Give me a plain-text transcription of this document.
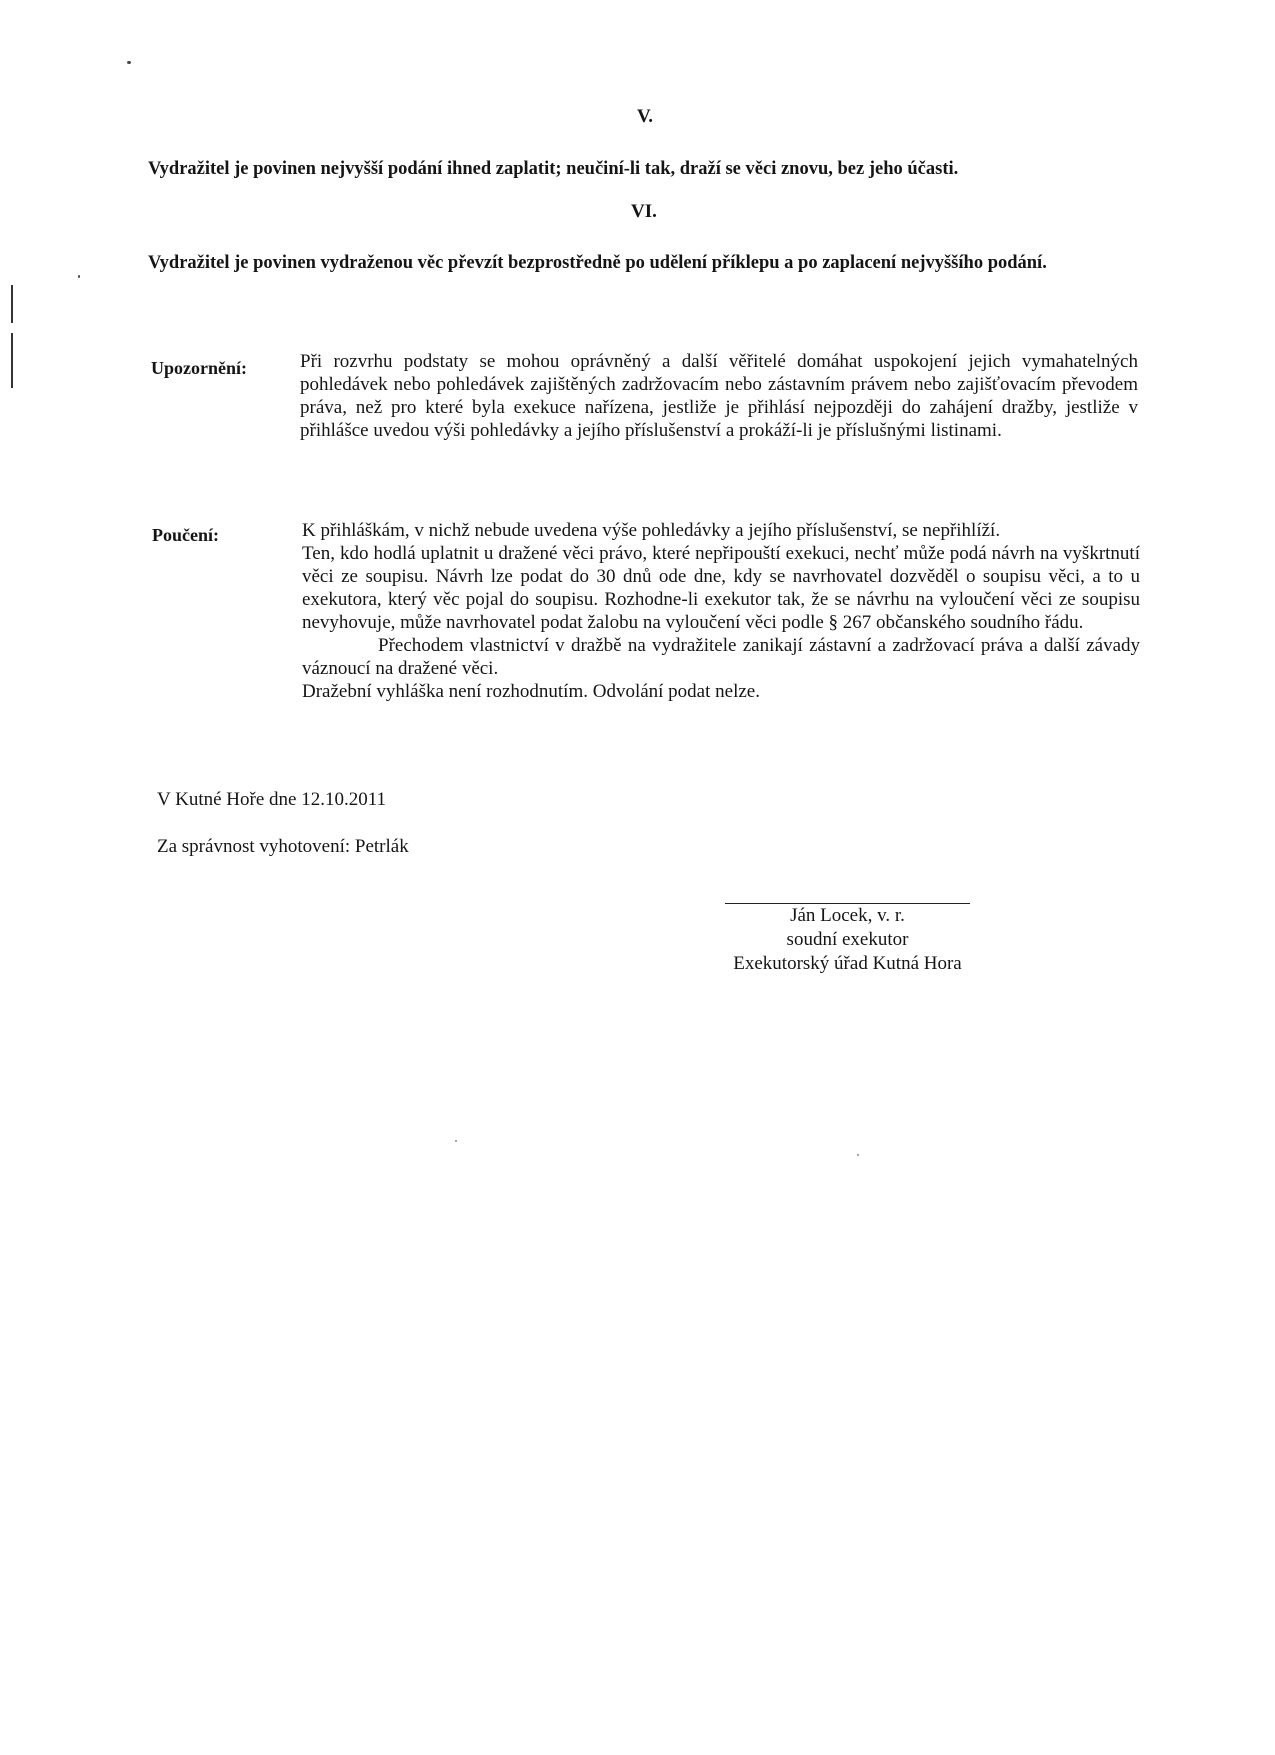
V.
Vydražitel je povinen nejvyšší podání ihned zaplatit; neučiní-li tak, draží se věci znovu, bez jeho účasti.
VI.
Vydražitel je povinen vydraženou věc převzít bezprostředně po udělení příklepu a po zaplacení nejvyššího podání.
Upozornění:	Při rozvrhu podstaty se mohou oprávněný a další věřitelé domáhat uspokojení jejich vymahatelných pohledávek nebo pohledávek zajištěných zadržovacím nebo zástavním právem nebo zajišťovacím převodem práva, než pro které byla exekuce nařízena, jestliže je přihlásí nejpozději do zahájení dražby, jestliže v přihlášce uvedou výši pohledávky a jejího příslušenství a prokáží-li je příslušnými listinami.
Poučení:	K přihláškám, v nichž nebude uvedena výše pohledávky a jejího příslušenství, se nepřihlíží.
Ten, kdo hodlá uplatnit u dražené věci právo, které nepřipouští exekuci, nechť může podá návrh na vyškrtnutí věci ze soupisu. Návrh lze podat do 30 dnů ode dne, kdy se navrhovatel dozvěděl o soupisu věci, a to u exekutora, který věc pojal do soupisu. Rozhodne-li exekutor tak, že se návrhu na vyloučení věci ze soupisu nevyhovuje, může navrhovatel podat žalobu na vyloučení věci podle § 267 občanského soudního řádu.
Přechodem vlastnictví v dražbě na vydražitele zanikají zástavní a zadržovací práva a další závady váznoucí na dražené věci.
Dražební vyhláška není rozhodnutím. Odvolání podat nelze.
V Kutné Hoře dne 12.10.2011
Za správnost vyhotovení: Petrlák
Ján Locek, v. r.
soudní exekutor
Exekutorský úřad Kutná Hora
